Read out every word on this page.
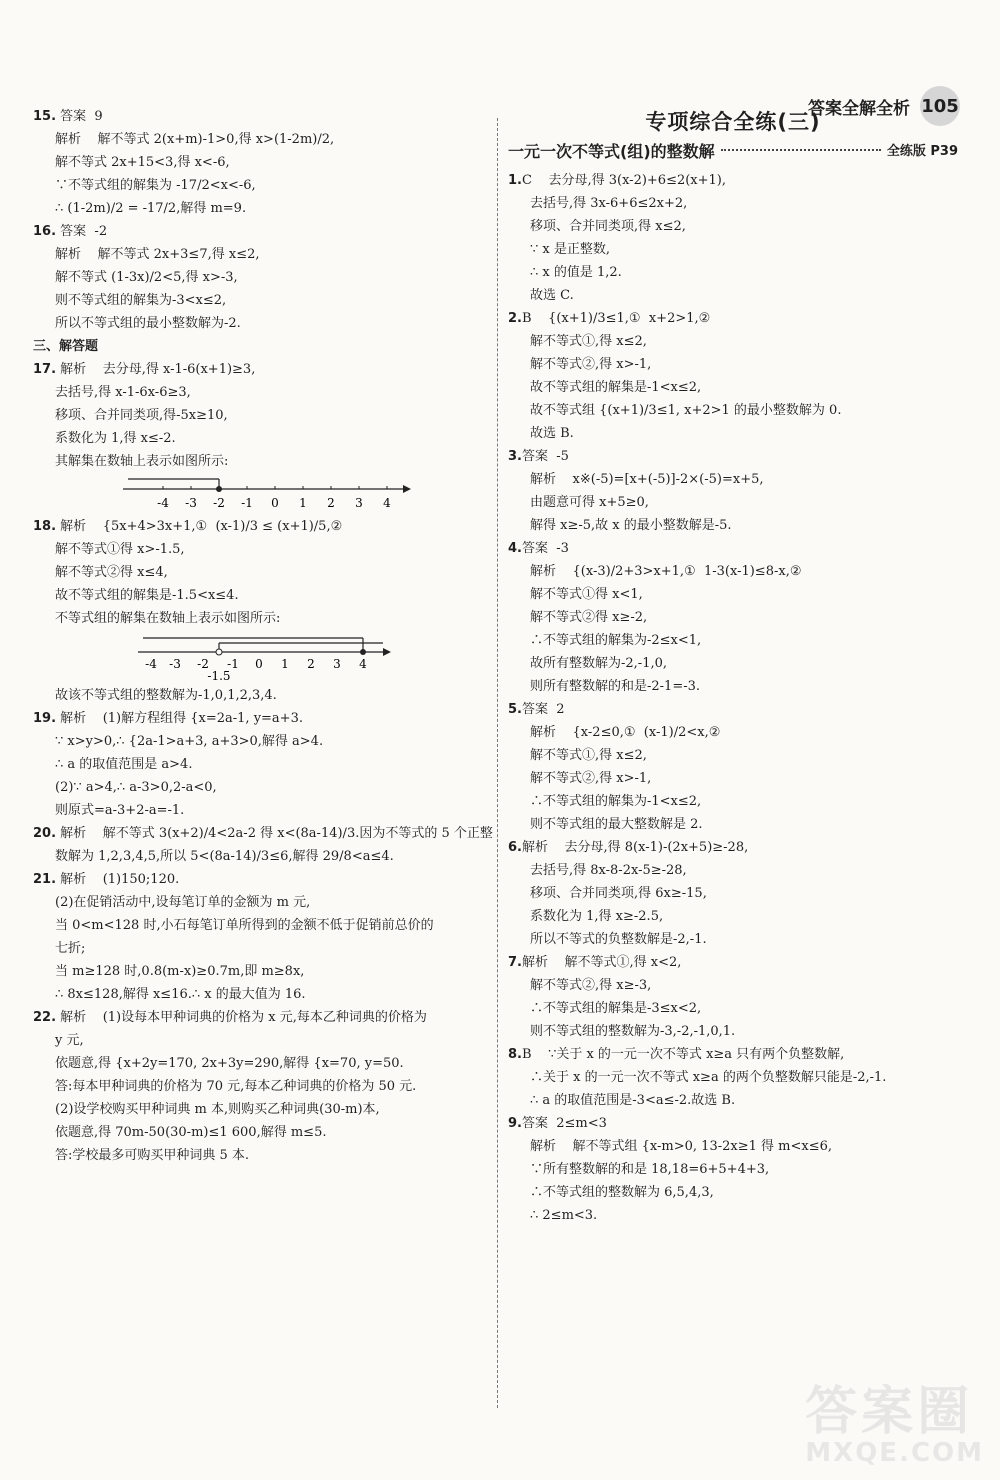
答案全解全析 105
15. 答案  9
解析    解不等式 2(x+m)-1>0,得 x>(1-2m)/2,
解不等式 2x+15<3,得 x<-6,
∵不等式组的解集为 -17/2<x<-6,
∴ (1-2m)/2 = -17/2,解得 m=9.
16. 答案  -2
解析    解不等式 2x+3≤7,得 x≤2,
解不等式 (1-3x)/2<5,得 x>-3,
则不等式组的解集为-3<x≤2,
所以不等式组的最小整数解为-2.
三、解答题
17. 解析    去分母,得 x-1-6(x+1)≥3,
去括号,得 x-1-6x-6≥3,
移项、合并同类项,得-5x≥10,
系数化为 1,得 x≤-2.
其解集在数轴上表示如图所示:
-4 -3 -2 -1 0 1 2 3 4
18. 解析    {5x+4>3x+1,①  (x-1)/3 ≤ (x+1)/5,②
解不等式①得 x>-1.5,
解不等式②得 x≤4,
故不等式组的解集是-1.5<x≤4.
不等式组的解集在数轴上表示如图所示:
-4 -3 -2 -1 0 1 2 3 4
-1.5
故该不等式组的整数解为-1,0,1,2,3,4.
19. 解析    (1)解方程组得 {x=2a-1, y=a+3.
∵ x>y>0,∴ {2a-1>a+3, a+3>0,解得 a>4.
∴ a 的取值范围是 a>4.
(2)∵ a>4,∴ a-3>0,2-a<0,
则原式=a-3+2-a=-1.
20. 解析    解不等式 3(x+2)/4<2a-2 得 x<(8a-14)/3.因为不等式的 5 个正整
数解为 1,2,3,4,5,所以 5<(8a-14)/3≤6,解得 29/8<a≤4.
21. 解析    (1)150;120.
(2)在促销活动中,设每笔订单的金额为 m 元,
当 0<m<128 时,小石每笔订单所得到的金额不低于促销前总价的
七折;
当 m≥128 时,0.8(m-x)≥0.7m,即 m≥8x,
∴ 8x≤128,解得 x≤16.∴ x 的最大值为 16.
22. 解析    (1)设每本甲种词典的价格为 x 元,每本乙种词典的价格为
y 元,
依题意,得 {x+2y=170, 2x+3y=290,解得 {x=70, y=50.
答:每本甲种词典的价格为 70 元,每本乙种词典的价格为 50 元.
(2)设学校购买甲种词典 m 本,则购买乙种词典(30-m)本,
依题意,得 70m-50(30-m)≤1 600,解得 m≤5.
答:学校最多可购买甲种词典 5 本.
专项综合全练(三)
一元一次不等式(组)的整数解	全练版 P39
1.C    去分母,得 3(x-2)+6≤2(x+1),
去括号,得 3x-6+6≤2x+2,
移项、合并同类项,得 x≤2,
∵ x 是正整数,
∴ x 的值是 1,2.
故选 C.
2.B    {(x+1)/3≤1,①  x+2>1,②
解不等式①,得 x≤2,
解不等式②,得 x>-1,
故不等式组的解集是-1<x≤2,
故不等式组 {(x+1)/3≤1, x+2>1 的最小整数解为 0.
故选 B.
3.答案  -5
解析    x※(-5)=[x+(-5)]-2×(-5)=x+5,
由题意可得 x+5≥0,
解得 x≥-5,故 x 的最小整数解是-5.
4.答案  -3
解析    {(x-3)/2+3>x+1,①  1-3(x-1)≤8-x,②
解不等式①得 x<1,
解不等式②得 x≥-2,
∴不等式组的解集为-2≤x<1,
故所有整数解为-2,-1,0,
则所有整数解的和是-2-1=-3.
5.答案  2
解析    {x-2≤0,①  (x-1)/2<x,②
解不等式①,得 x≤2,
解不等式②,得 x>-1,
∴不等式组的解集为-1<x≤2,
则不等式组的最大整数解是 2.
6.解析    去分母,得 8(x-1)-(2x+5)≥-28,
去括号,得 8x-8-2x-5≥-28,
移项、合并同类项,得 6x≥-15,
系数化为 1,得 x≥-2.5,
所以不等式的负整数解是-2,-1.
7.解析    解不等式①,得 x<2,
解不等式②,得 x≥-3,
∴不等式组的解集是-3≤x<2,
则不等式组的整数解为-3,-2,-1,0,1.
8.B    ∵关于 x 的一元一次不等式 x≥a 只有两个负整数解,
∴关于 x 的一元一次不等式 x≥a 的两个负整数解只能是-2,-1.
∴ a 的取值范围是-3<a≤-2.故选 B.
9.答案  2≤m<3
解析    解不等式组 {x-m>0, 13-2x≥1 得 m<x≤6,
∵所有整数解的和是 18,18=6+5+4+3,
∴不等式组的整数解为 6,5,4,3,
∴ 2≤m<3.
答案圈
MXQE.COM
